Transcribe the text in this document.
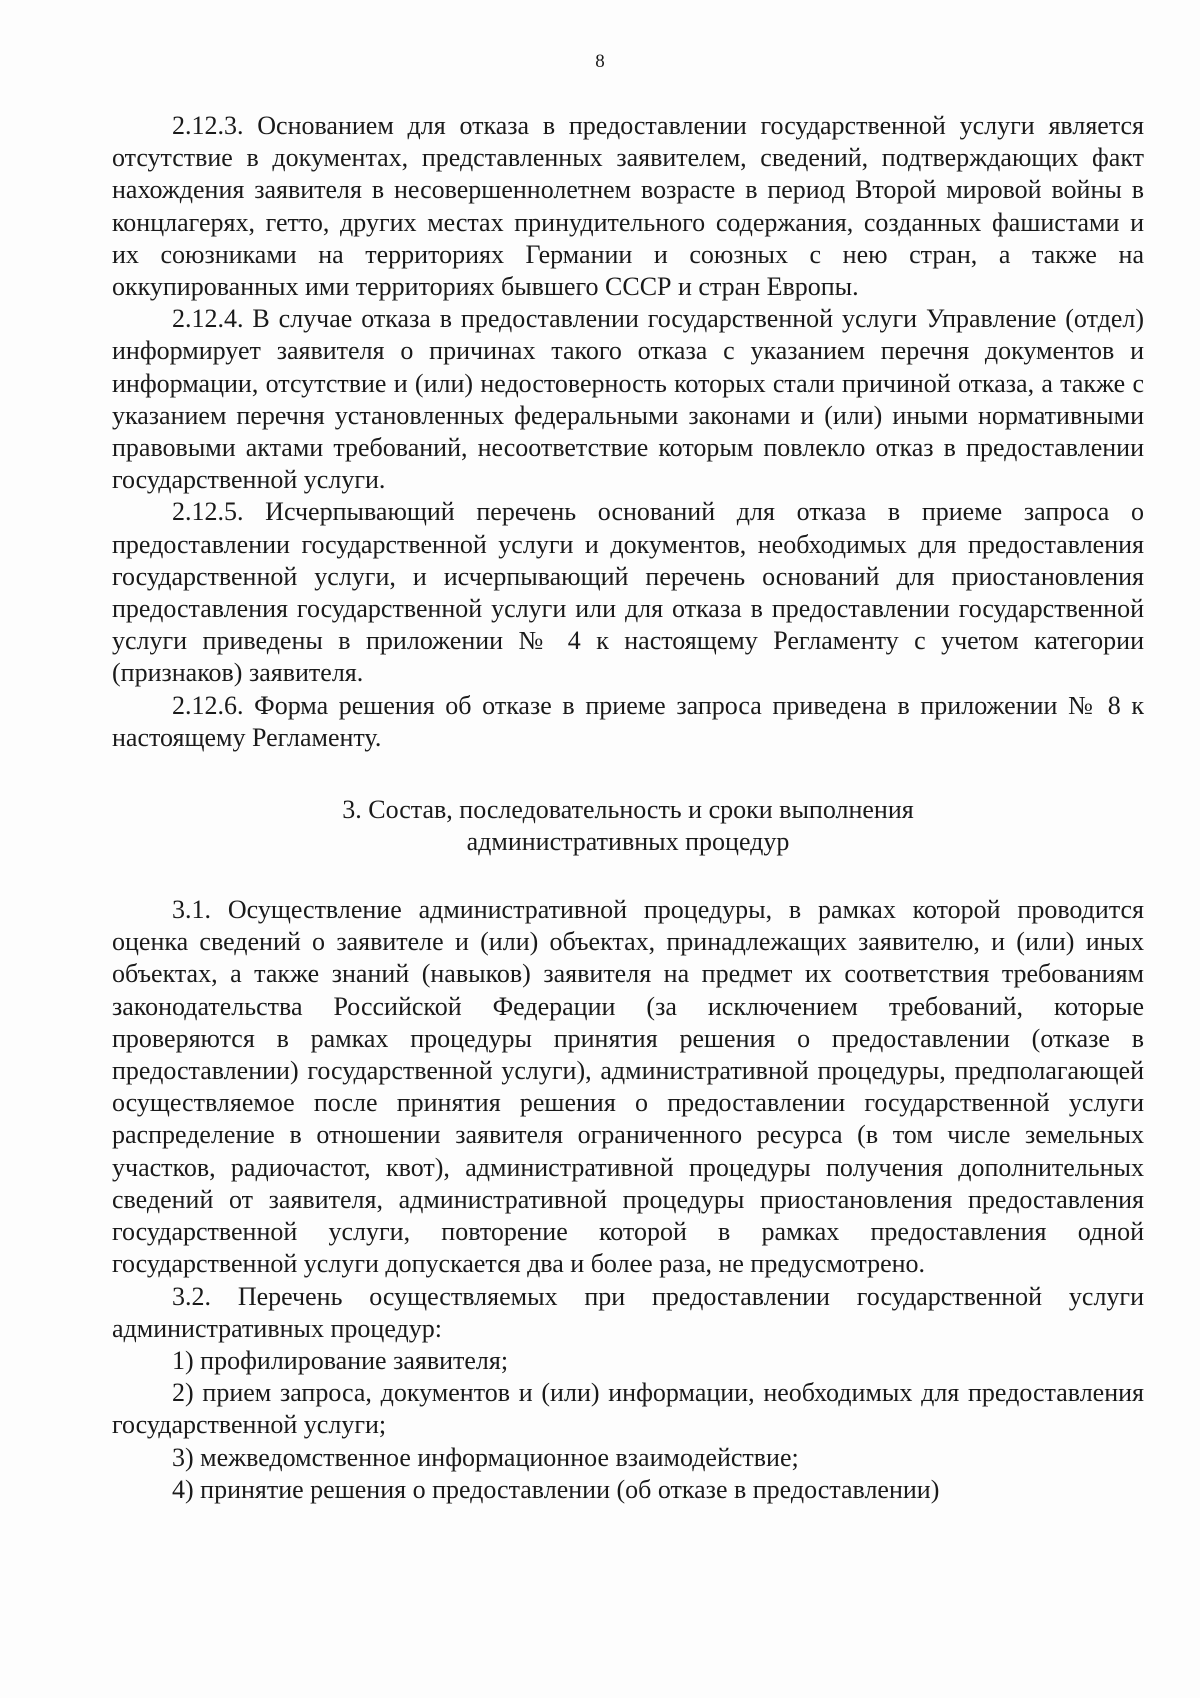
8

2.12.3. Основанием для отказа в предоставлении государственной услуги является отсутствие в документах, представленных заявителем, сведений, подтверждающих факт нахождения заявителя в несовершеннолетнем возрасте в период Второй мировой войны в концлагерях, гетто, других местах принудительного содержания, созданных фашистами и их союзниками на территориях Германии и союзных с нею стран, а также на оккупированных ими территориях бывшего СССР и стран Европы.

2.12.4. В случае отказа в предоставлении государственной услуги Управление (отдел) информирует заявителя о причинах такого отказа с указанием перечня документов и информации, отсутствие и (или) недостоверность которых стали причиной отказа, а также с указанием перечня установленных федеральными законами и (или) иными нормативными правовыми актами требований, несоответствие которым повлекло отказ в предоставлении государственной услуги.

2.12.5. Исчерпывающий перечень оснований для отказа в приеме запроса о предоставлении государственной услуги и документов, необходимых для предоставления государственной услуги, и исчерпывающий перечень оснований для приостановления предоставления государственной услуги или для отказа в предоставлении государственной услуги приведены в приложении № 4 к настоящему Регламенту с учетом категории (признаков) заявителя.

2.12.6. Форма решения об отказе в приеме запроса приведена в приложении № 8 к настоящему Регламенту.

3. Состав, последовательность и сроки выполнения
административных процедур

3.1. Осуществление административной процедуры, в рамках которой проводится оценка сведений о заявителе и (или) объектах, принадлежащих заявителю, и (или) иных объектах, а также знаний (навыков) заявителя на предмет их соответствия требованиям законодательства Российской Федерации (за исключением требований, которые проверяются в рамках процедуры принятия решения о предоставлении (отказе в предоставлении) государственной услуги), административной процедуры, предполагающей осуществляемое после принятия решения о предоставлении государственной услуги распределение в отношении заявителя ограниченного ресурса (в том числе земельных участков, радиочастот, квот), административной процедуры получения дополнительных сведений от заявителя, административной процедуры приостановления предоставления государственной услуги, повторение которой в рамках предоставления одной государственной услуги допускается два и более раза, не предусмотрено.

3.2. Перечень осуществляемых при предоставлении государственной услуги административных процедур:

1) профилирование заявителя;

2) прием запроса, документов и (или) информации, необходимых для предоставления государственной услуги;

3) межведомственное информационное взаимодействие;

4) принятие решения о предоставлении (об отказе в предоставлении)
